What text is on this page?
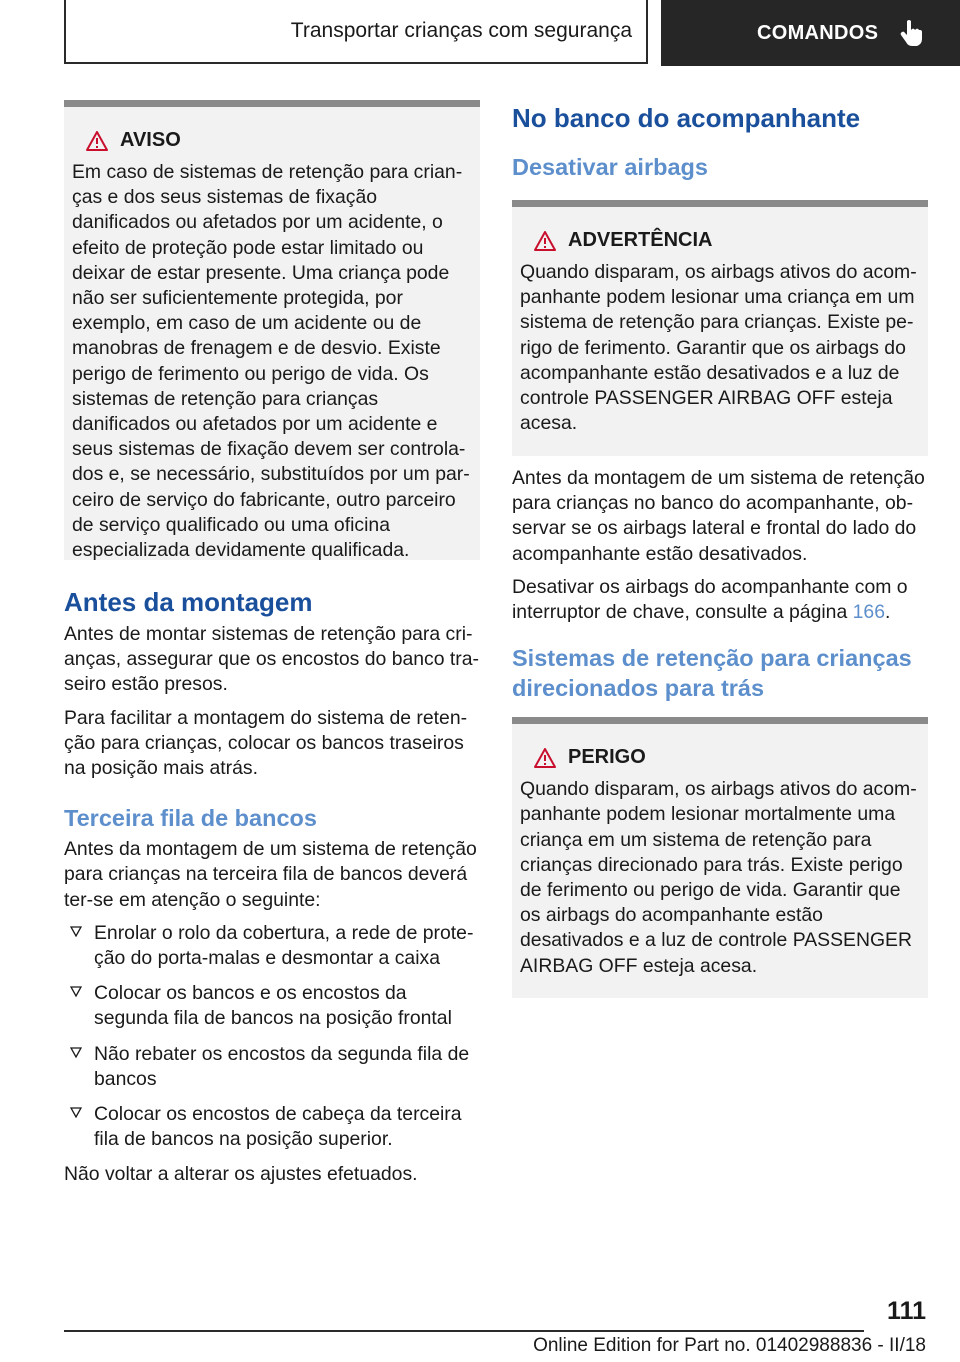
Transportar crianças com segurança	COMANDOS
AVISO

Em caso de sistemas de retenção para crianças e dos seus sistemas de fixação danificados ou afetados por um acidente, o efeito de proteção pode estar limitado ou deixar de estar presente. Uma criança pode não ser suficientemente protegida, por exemplo, em caso de um acidente ou de manobras de frenagem e de desvio. Existe perigo de ferimento ou perigo de vida. Os sistemas de retenção para crianças danificados ou afetados por um acidente e seus sistemas de fixação devem ser controlados e, se necessário, substituídos por um parceiro de serviço do fabricante, outro parceiro de serviço qualificado ou uma oficina especializada devidamente qualificada.

Antes da montagem

Antes de montar sistemas de retenção para crianças, assegurar que os encostos do banco traseiro estão presos.

Para facilitar a montagem do sistema de retenção para crianças, colocar os bancos traseiros na posição mais atrás.

Terceira fila de bancos

Antes da montagem de um sistema de retenção para crianças na terceira fila de bancos deverá ter-se em atenção o seguinte:

Enrolar o rolo da cobertura, a rede de proteção do porta-malas e desmontar a caixa
Colocar os bancos e os encostos da segunda fila de bancos na posição frontal
Não rebater os encostos da segunda fila de bancos
Colocar os encostos de cabeça da terceira fila de bancos na posição superior.

Não voltar a alterar os ajustes efetuados.

No banco do acompanhante
Desativar airbags
ADVERTÊNCIA

Quando disparam, os airbags ativos do acompanhante podem lesionar uma criança em um sistema de retenção para crianças. Existe perigo de ferimento. Garantir que os airbags do acompanhante estão desativados e a luz de controle PASSENGER AIRBAG OFF esteja acesa.

Antes da montagem de um sistema de retenção para crianças no banco do acompanhante, observar se os airbags lateral e frontal do lado do acompanhante estão desativados.

Desativar os airbags do acompanhante com o interruptor de chave, consulte a página 166.

Sistemas de retenção para crianças direcionados para trás
PERIGO

Quando disparam, os airbags ativos do acompanhante podem lesionar mortalmente uma criança em um sistema de retenção para crianças direcionado para trás. Existe perigo de ferimento ou perigo de vida. Garantir que os airbags do acompanhante estão desativados e a luz de controle PASSENGER AIRBAG OFF esteja acesa.

111
Online Edition for Part no. 01402988836 - II/18
